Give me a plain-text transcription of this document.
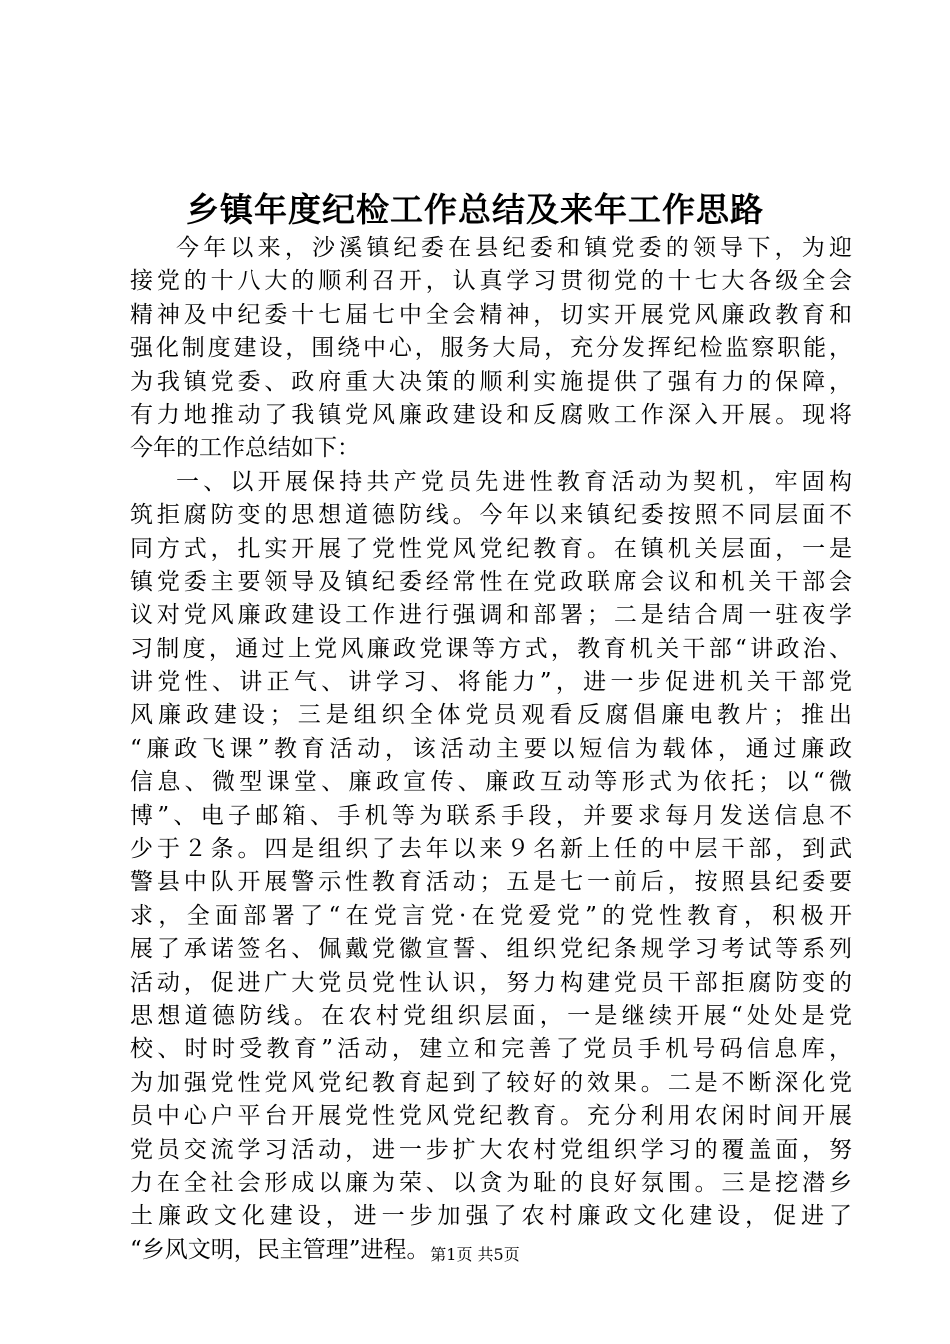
乡镇年度纪检工作总结及来年工作思路
今年以来，沙溪镇纪委在县纪委和镇党委的领导下，为迎
接党的十八大的顺利召开，认真学习贯彻党的十七大各级全会
精神及中纪委十七届七中全会精神，切实开展党风廉政教育和
强化制度建设，围绕中心，服务大局，充分发挥纪检监察职能，
为我镇党委、政府重大决策的顺利实施提供了强有力的保障，
有力地推动了我镇党风廉政建设和反腐败工作深入开展。现将
今年的工作总结如下：
一、以开展保持共产党员先进性教育活动为契机，牢固构
筑拒腐防变的思想道德防线。今年以来镇纪委按照不同层面不
同方式，扎实开展了党性党风党纪教育。在镇机关层面，一是
镇党委主要领导及镇纪委经常性在党政联席会议和机关干部会
议对党风廉政建设工作进行强调和部署；二是结合周一驻夜学
习制度，通过上党风廉政党课等方式，教育机关干部“讲政治、
讲党性、讲正气、讲学习、将能力”，进一步促进机关干部党
风廉政建设；三是组织全体党员观看反腐倡廉电教片；推出
“廉政飞课”教育活动，该活动主要以短信为载体，通过廉政
信息、微型课堂、廉政宣传、廉政互动等形式为依托；以“微
博”、电子邮箱、手机等为联系手段，并要求每月发送信息不
少于２条。四是组织了去年以来９名新上任的中层干部，到武
警县中队开展警示性教育活动；五是七一前后，按照县纪委要
求，全面部署了“在党言党·在党爱党”的党性教育，积极开
展了承诺签名、佩戴党徽宣誓、组织党纪条规学习考试等系列
活动，促进广大党员党性认识，努力构建党员干部拒腐防变的
思想道德防线。在农村党组织层面，一是继续开展“处处是党
校、时时受教育”活动，建立和完善了党员手机号码信息库，
为加强党性党风党纪教育起到了较好的效果。二是不断深化党
员中心户平台开展党性党风党纪教育。充分利用农闲时间开展
党员交流学习活动，进一步扩大农村党组织学习的覆盖面，努
力在全社会形成以廉为荣、以贪为耻的良好氛围。三是挖潜乡
土廉政文化建设，进一步加强了农村廉政文化建设，促进了
“乡风文明，民主管理”进程。 第1页 共5页
